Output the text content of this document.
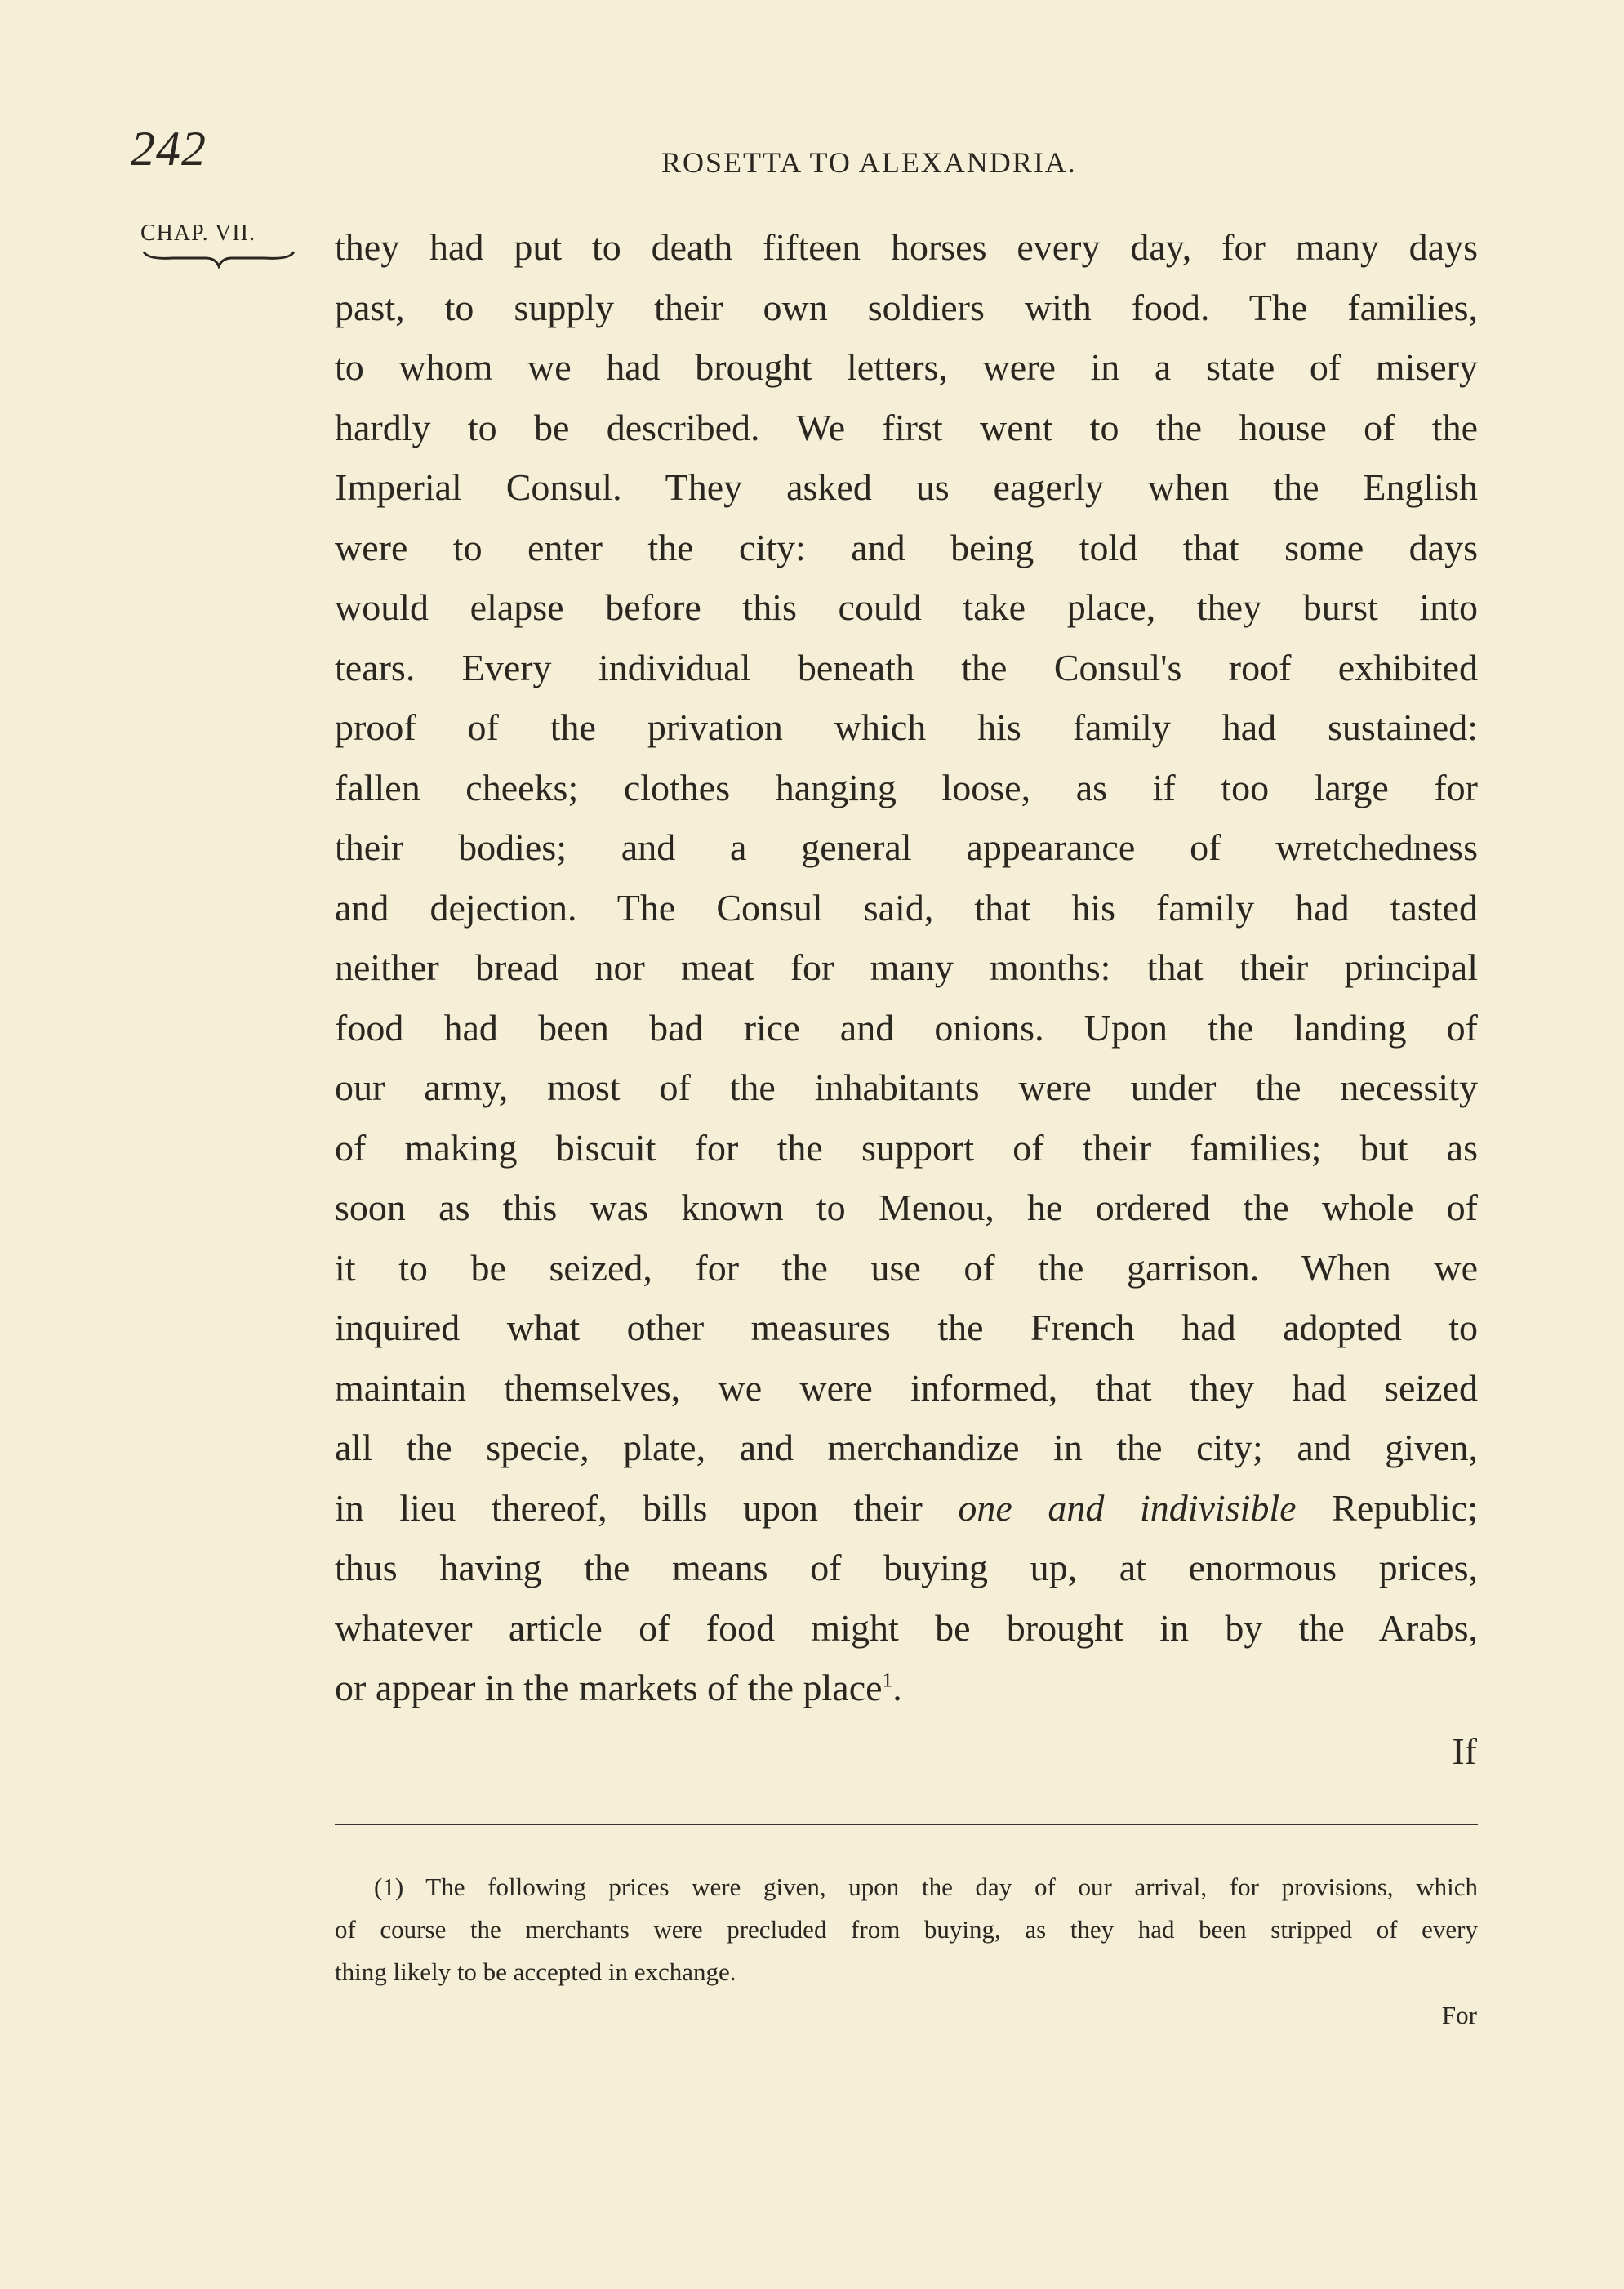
242	ROSETTA TO ALEXANDRIA.
CHAP. VII.	they had put to death fifteen horses every day, for many days
past, to supply their own soldiers with food. The families,
to whom we had brought letters, were in a state of misery
hardly to be described. We first went to the house of the
Imperial Consul. They asked us eagerly when the English
were to enter the city: and being told that some days
would elapse before this could take place, they burst into
tears. Every individual beneath the Consul's roof exhibited
proof of the privation which his family had sustained:
fallen cheeks; clothes hanging loose, as if too large for
their bodies; and a general appearance of wretchedness
and dejection. The Consul said, that his family had tasted
neither bread nor meat for many months: that their principal
food had been bad rice and onions. Upon the landing of
our army, most of the inhabitants were under the necessity
of making biscuit for the support of their families; but as
soon as this was known to Menou, he ordered the whole of
it to be seized, for the use of the garrison. When we
inquired what other measures the French had adopted to
maintain themselves, we were informed, that they had seized
all the specie, plate, and merchandize in the city; and given,
in lieu thereof, bills upon their one and indivisible Republic;
thus having the means of buying up, at enormous prices,
whatever article of food might be brought in by the Arabs,
or appear in the markets of the place$^1$.
If
(1) The following prices were given, upon the day of our arrival, for provisions, which
of course the merchants were precluded from buying, as they had been stripped of every
thing likely to be accepted in exchange.
For
